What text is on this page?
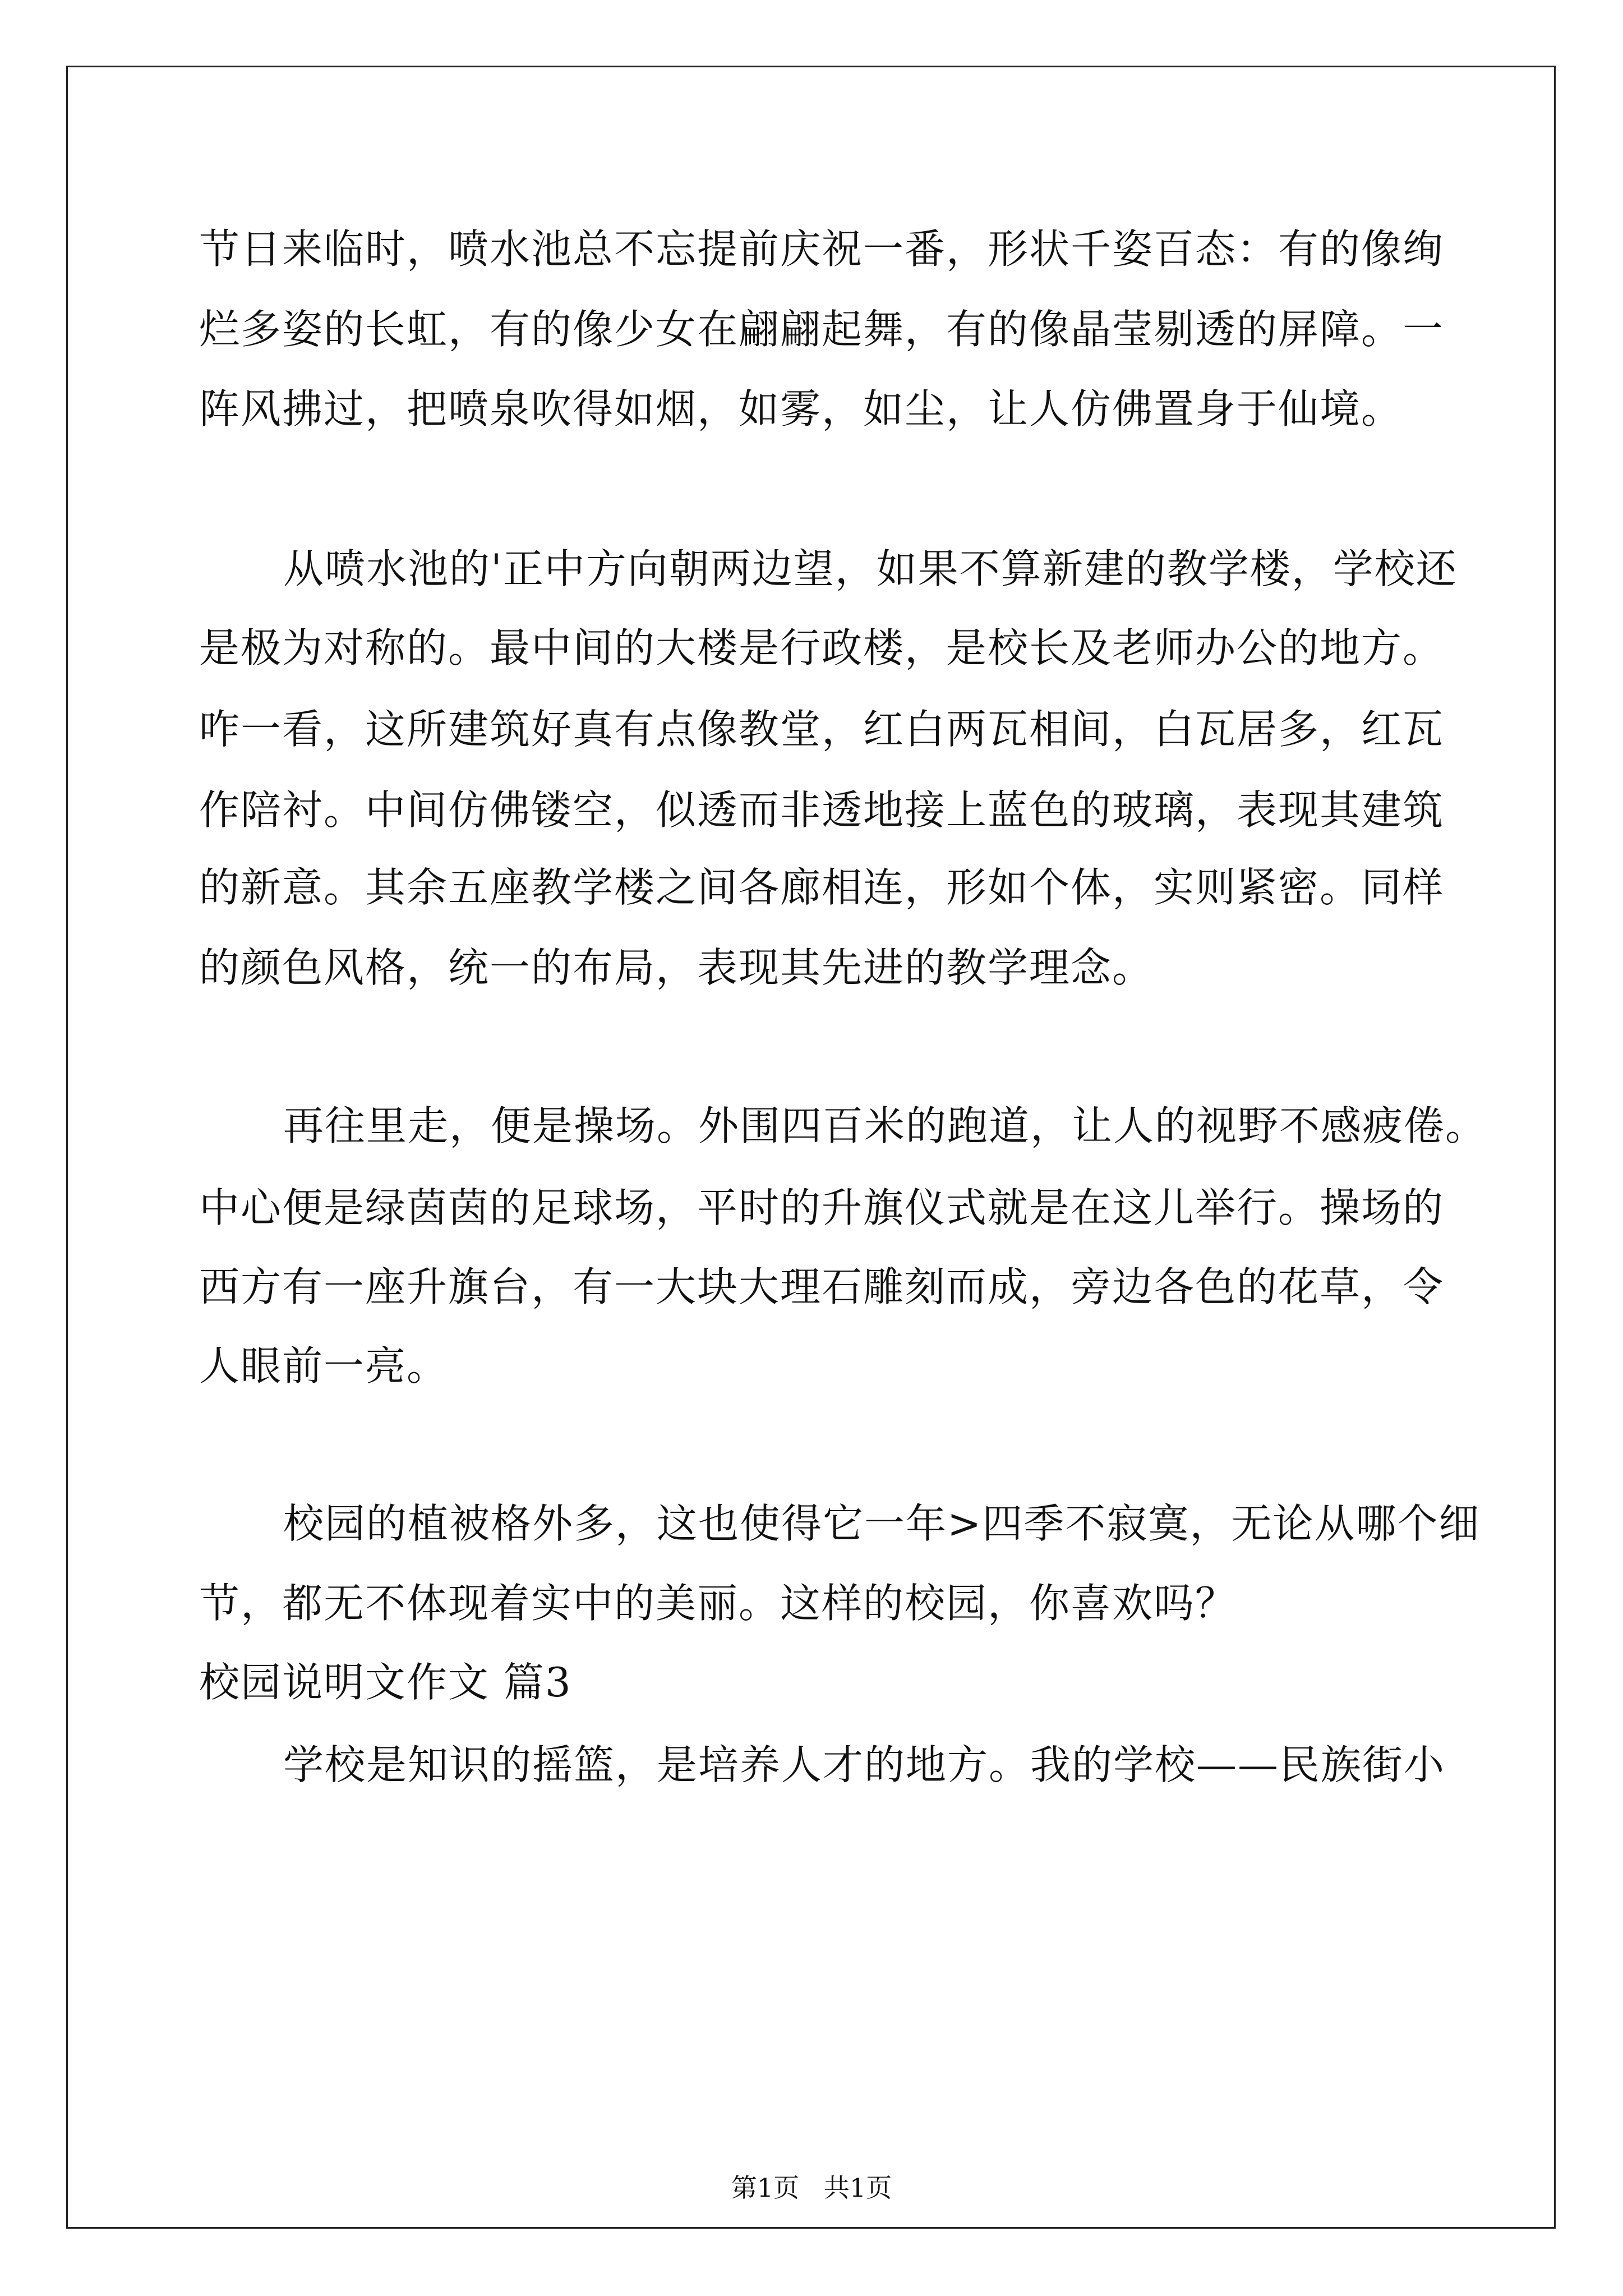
节日来临时，喷水池总不忘提前庆祝一番，形状千姿百态：有的像绚
烂多姿的长虹，有的像少女在翩翩起舞，有的像晶莹剔透的屏障。一
阵风拂过，把喷泉吹得如烟，如雾，如尘，让人仿佛置身于仙境。
从喷水池的'正中方向朝两边望，如果不算新建的教学楼，学校还
是极为对称的。最中间的大楼是行政楼，是校长及老师办公的地方。
咋一看，这所建筑好真有点像教堂，红白两瓦相间，白瓦居多，红瓦
作陪衬。中间仿佛镂空，似透而非透地接上蓝色的玻璃，表现其建筑
的新意。其余五座教学楼之间各廊相连，形如个体，实则紧密。同样
的颜色风格，统一的布局，表现其先进的教学理念。
再往里走，便是操场。外围四百米的跑道，让人的视野不感疲倦。
中心便是绿茵茵的足球场，平时的升旗仪式就是在这儿举行。操场的
西方有一座升旗台，有一大块大理石雕刻而成，旁边各色的花草，令
人眼前一亮。
校园的植被格外多，这也使得它一年>四季不寂寞，无论从哪个细
节，都无不体现着实中的美丽。这样的校园，你喜欢吗？
校园说明文作文 篇3
学校是知识的摇篮，是培养人才的地方。我的学校——民族街小
第1页   共1页
